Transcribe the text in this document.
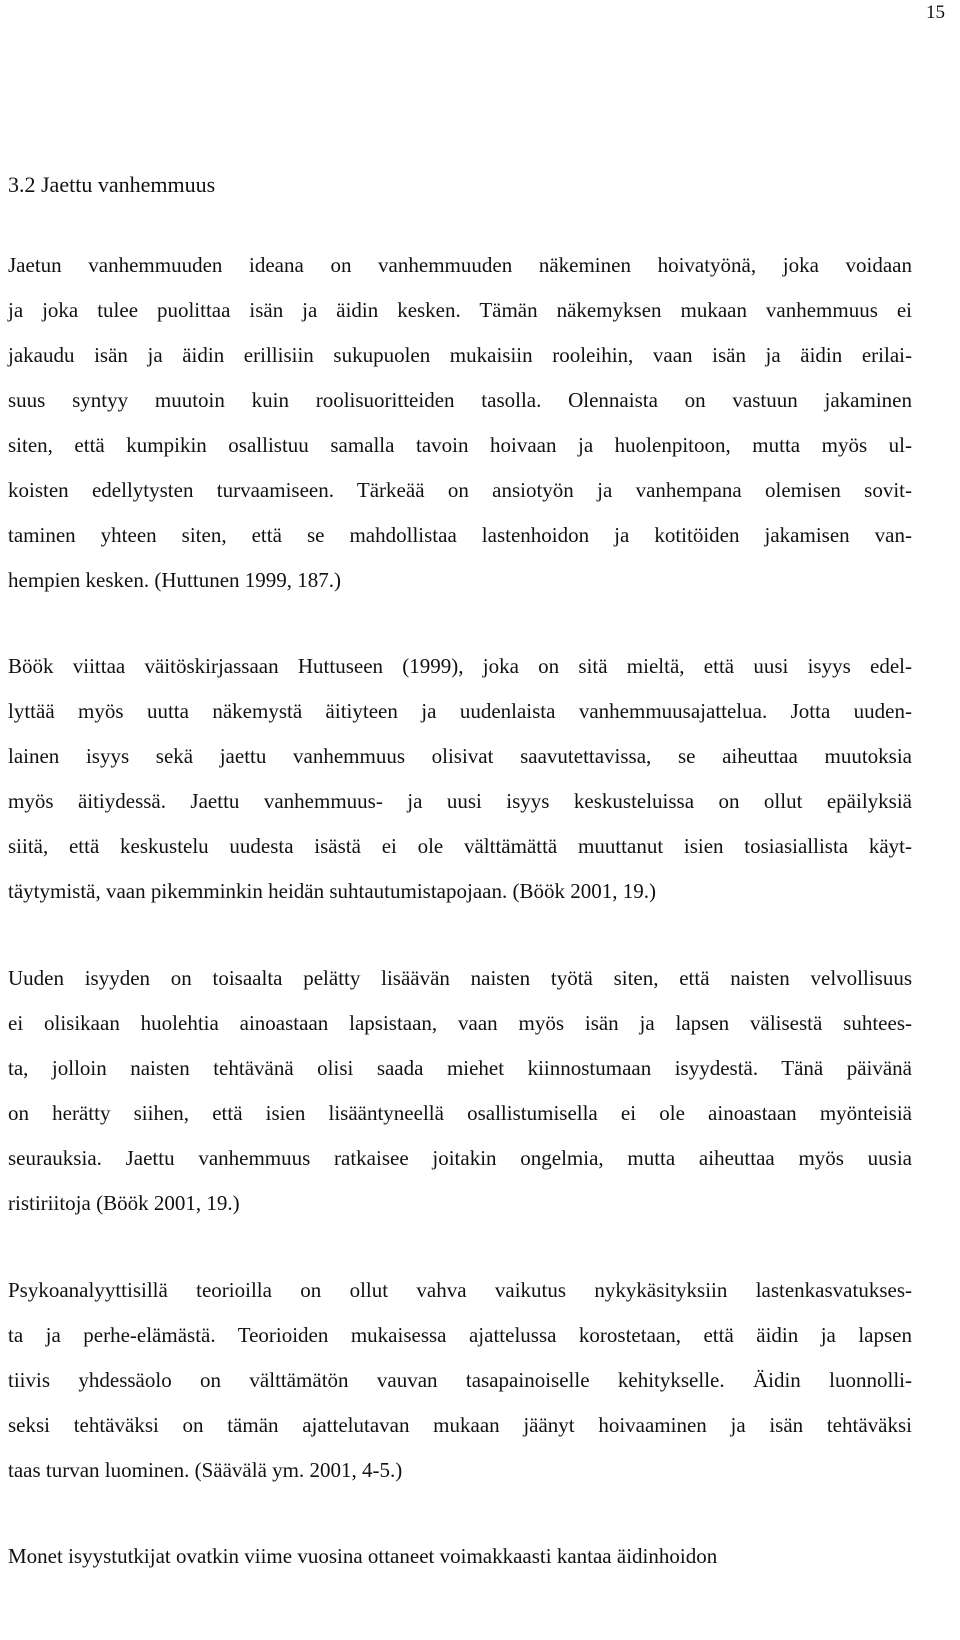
15
3.2 Jaettu vanhemmuus
Jaetun vanhemmuuden ideana on vanhemmuuden näkeminen hoivatyönä, joka voidaan
ja joka tulee puolittaa isän ja äidin kesken. Tämän näkemyksen mukaan vanhemmuus ei
jakaudu isän ja äidin erillisiin sukupuolen mukaisiin rooleihin, vaan isän ja äidin erilai-
suus syntyy muutoin kuin roolisuoritteiden tasolla. Olennaista on vastuun jakaminen
siten, että kumpikin osallistuu samalla tavoin hoivaan ja huolenpitoon, mutta myös ul-
koisten edellytysten turvaamiseen. Tärkeää on ansiotyön ja vanhempana olemisen sovit-
taminen yhteen siten, että se mahdollistaa lastenhoidon ja kotitöiden jakamisen van-
hempien kesken. (Huttunen 1999, 187.)
Böök viittaa väitöskirjassaan Huttuseen (1999), joka on sitä mieltä, että uusi isyys edel-
lyttää myös uutta näkemystä äitiyteen ja uudenlaista vanhemmuusajattelua. Jotta uuden-
lainen isyys sekä jaettu vanhemmuus olisivat saavutettavissa, se aiheuttaa muutoksia
myös äitiydessä. Jaettu vanhemmuus- ja uusi isyys keskusteluissa on ollut epäilyksiä
siitä, että keskustelu uudesta isästä ei ole välttämättä muuttanut isien tosiasiallista käyt-
täytymistä, vaan pikemminkin heidän suhtautumistapojaan. (Böök 2001, 19.)
Uuden isyyden on toisaalta pelätty lisäävän naisten työtä siten, että naisten velvollisuus
ei olisikaan huolehtia ainoastaan lapsistaan, vaan myös isän ja lapsen välisestä suhtees-
ta, jolloin naisten tehtävänä olisi saada miehet kiinnostumaan isyydestä. Tänä päivänä
on herätty siihen, että isien lisääntyneellä osallistumisella ei ole ainoastaan myönteisiä
seurauksia. Jaettu vanhemmuus ratkaisee joitakin ongelmia, mutta aiheuttaa myös uusia
ristiriitoja (Böök 2001, 19.)
Psykoanalyyttisillä teorioilla on ollut vahva vaikutus nykykäsityksiin lastenkasvatukses-
ta ja perhe-elämästä. Teorioiden mukaisessa ajattelussa korostetaan, että äidin ja lapsen
tiivis yhdessäolo on välttämätön vauvan tasapainoiselle kehitykselle. Äidin luonnolli-
seksi tehtäväksi on tämän ajattelutavan mukaan jäänyt hoivaaminen ja isän tehtäväksi
taas turvan luominen. (Säävälä ym. 2001, 4-5.)
Monet isyystutkijat ovatkin viime vuosina ottaneet voimakkaasti kantaa äidinhoidon
